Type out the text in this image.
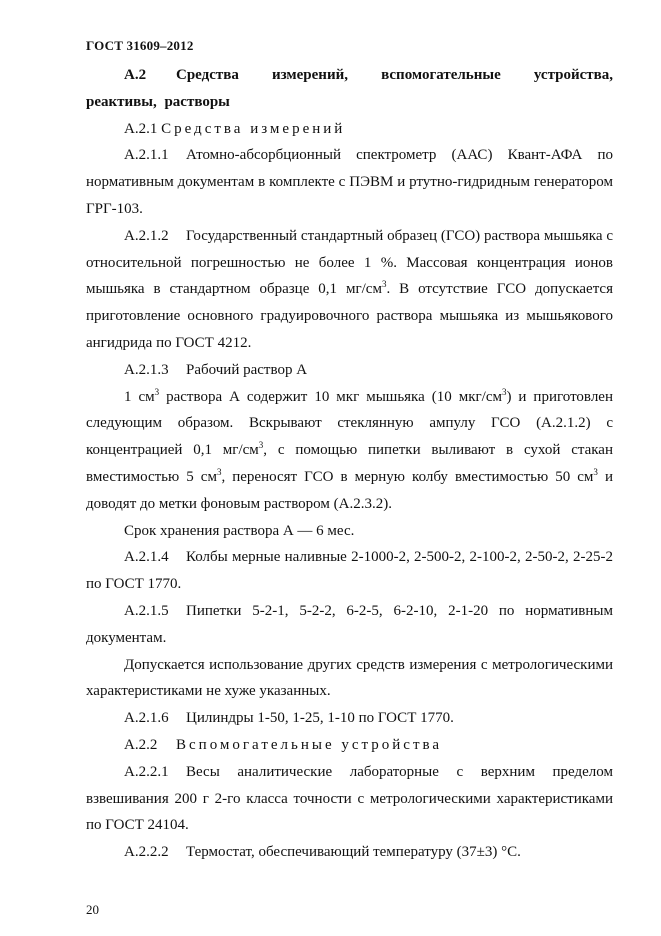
ГОСТ 31609–2012

А.2 Средства измерений, вспомогательные устройства, реактивы, растворы

А.2.1 Средства измерений

А.2.1.1 Атомно-абсорбционный спектрометр (ААС) Квант-АФА по нормативным документам в комплекте с ПЭВМ и ртутно-гидридным генератором ГРГ-103.

А.2.1.2 Государственный стандартный образец (ГСО) раствора мышьяка с относительной погрешностью не более 1 %. Массовая концентрация ионов мышьяка в стандартном образце 0,1 $мг/см^3$. В отсутствие ГСО допускается приготовление основного градуировочного раствора мышьяка из мышьякового ангидрида по ГОСТ 4212.

А.2.1.3 Рабочий раствор А

1 $см^3$ раствора А содержит 10 мкг мышьяка (10 мкг/$см^3$) и приготовлен следующим образом. Вскрывают стеклянную ампулу ГСО (А.2.1.2) с концентрацией 0,1 $мг/см^3$, с помощью пипетки выливают в сухой стакан вместимостью 5 $см^3$, переносят ГСО в мерную колбу вместимостью 50 $см^3$ и доводят до метки фоновым раствором (А.2.3.2).

Срок хранения раствора А — 6 мес.

А.2.1.4 Колбы мерные наливные 2-1000-2, 2-500-2, 2-100-2, 2-50-2, 2-25-2 по ГОСТ 1770.

А.2.1.5 Пипетки 5-2-1, 5-2-2, 6-2-5, 6-2-10, 2-1-20 по нормативным документам.

Допускается использование других средств измерения с метрологическими характеристиками не хуже указанных.

А.2.1.6 Цилиндры 1-50, 1-25, 1-10 по ГОСТ 1770.

А.2.2 Вспомогательные устройства

А.2.2.1 Весы аналитические лабораторные с верхним пределом взвешивания 200 г 2-го класса точности с метрологическими характеристиками по ГОСТ 24104.

А.2.2.2 Термостат, обеспечивающий температуру (37±3) °С.

20
